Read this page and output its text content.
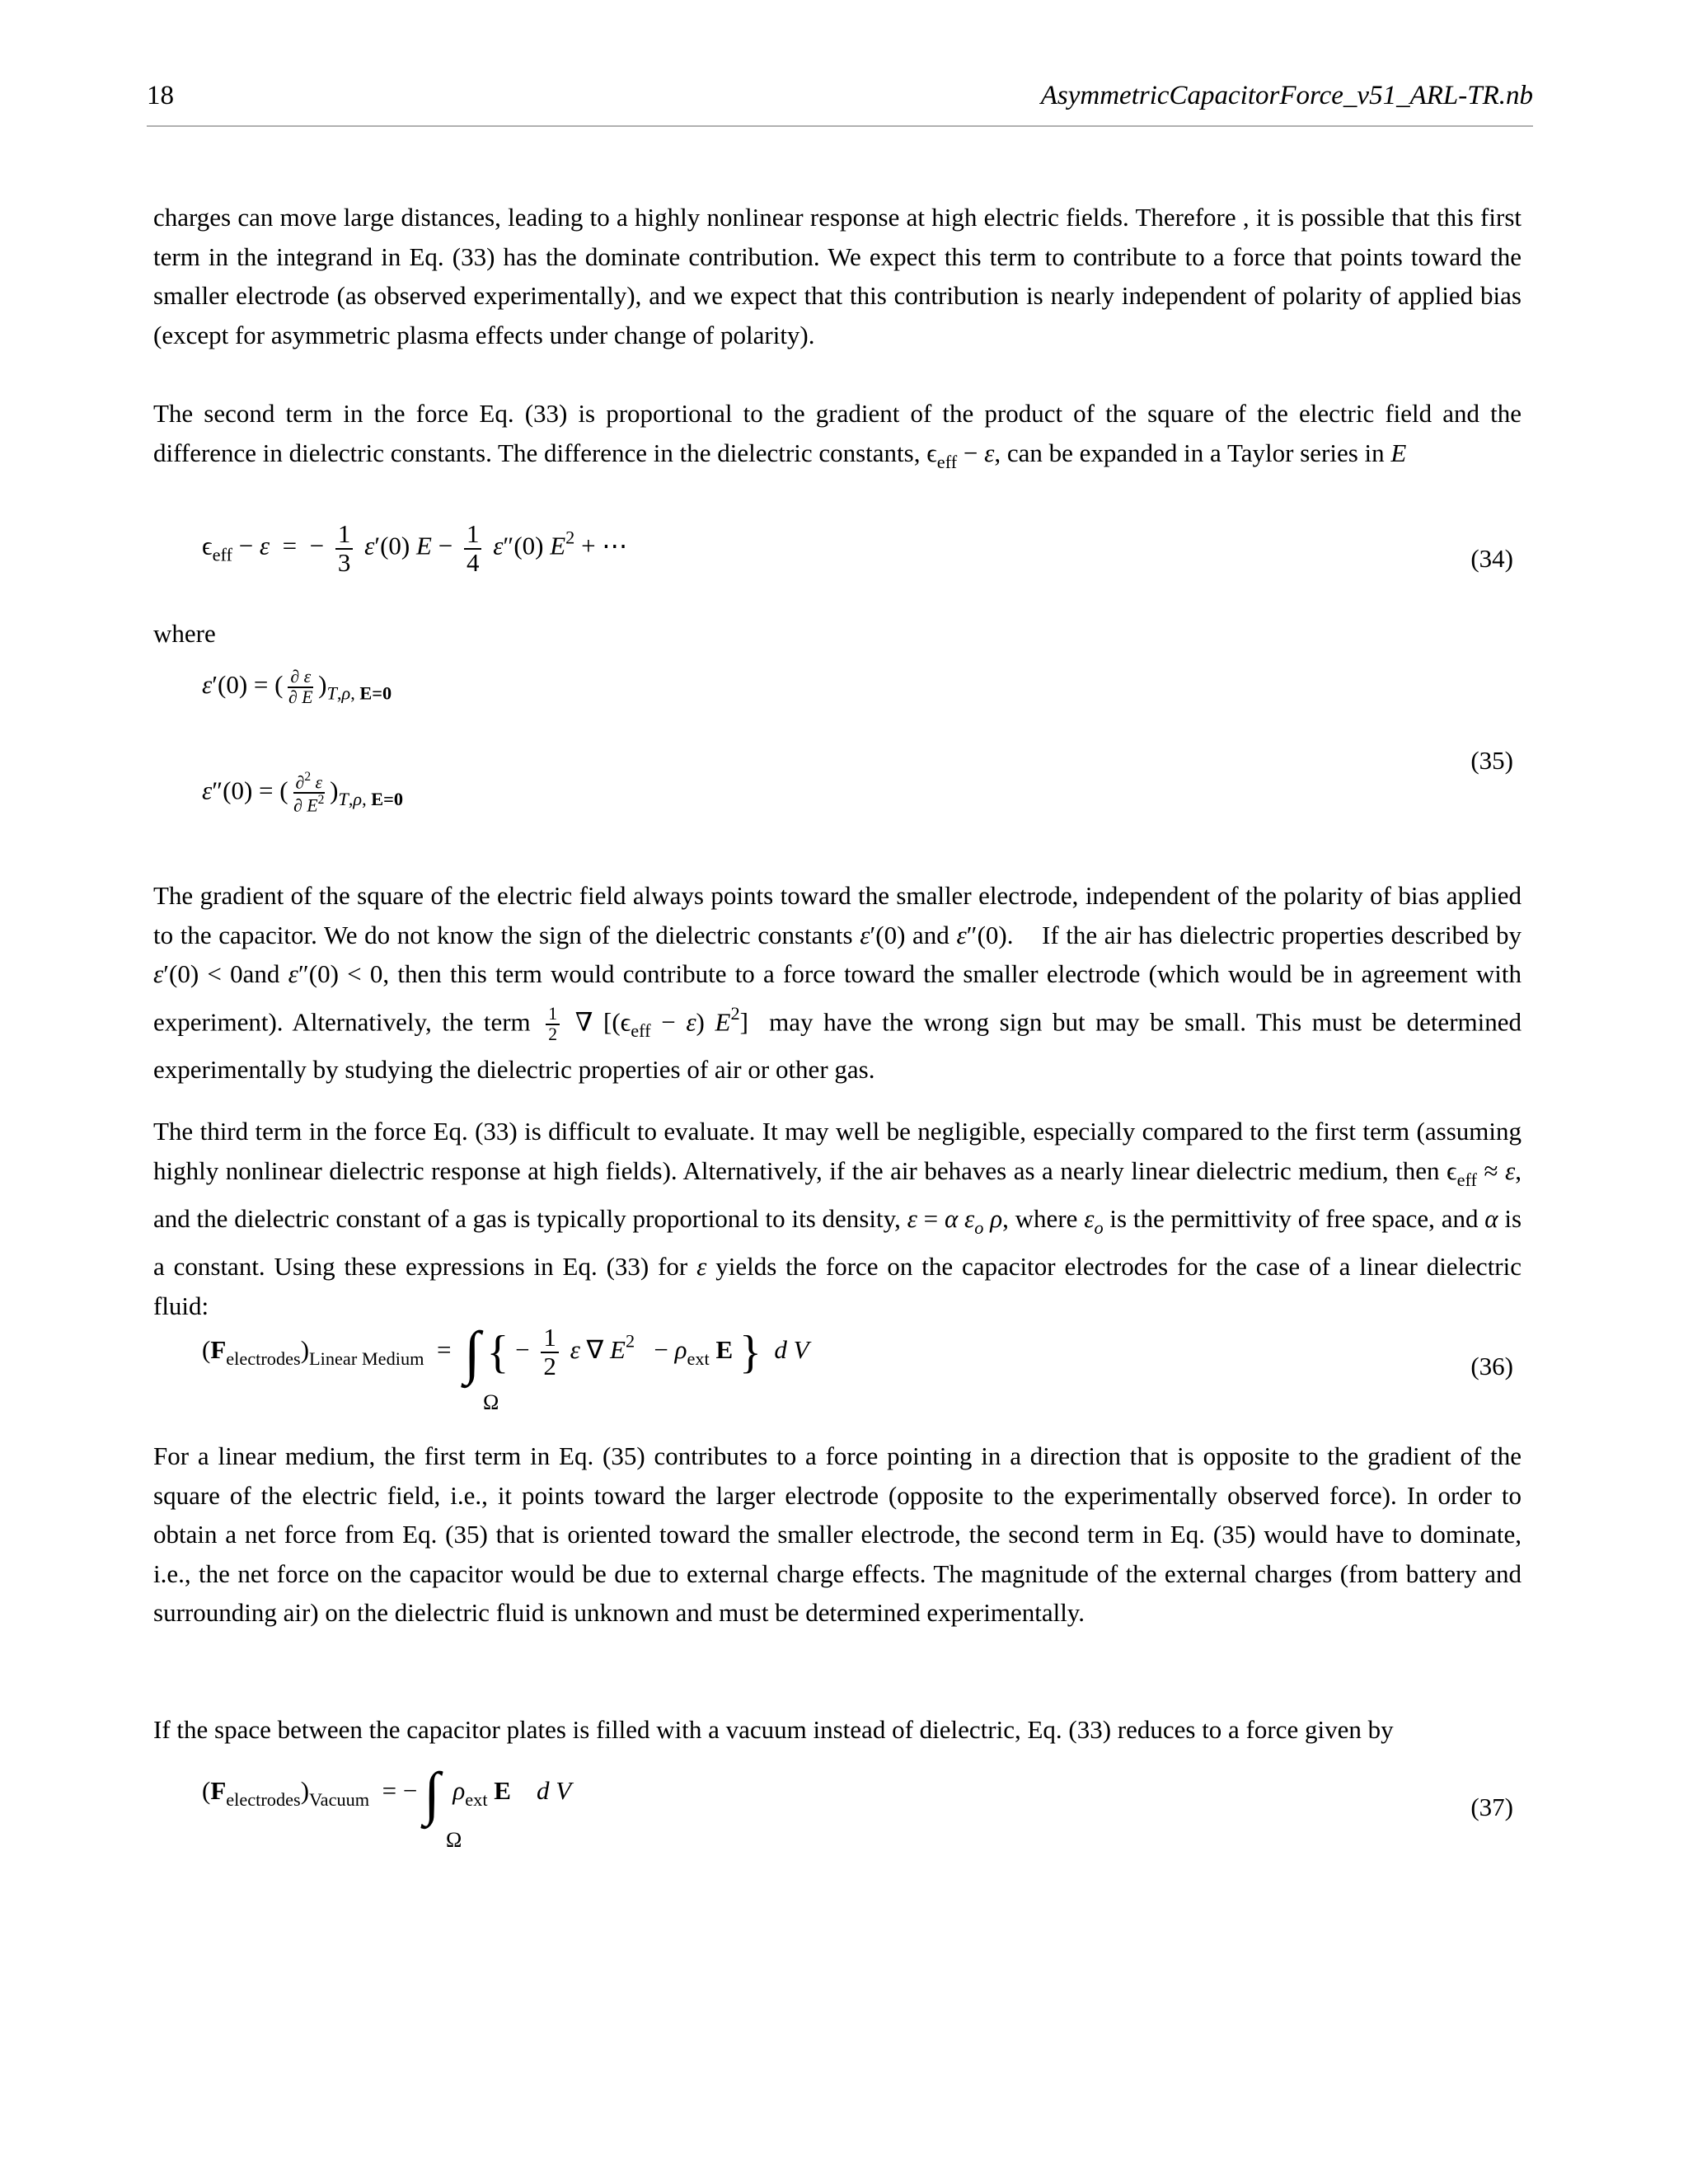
18	AsymmetricCapacitorForce_v51_ARL-TR.nb

charges can move large distances, leading to a highly nonlinear response at high electric fields. Therefore , it is possible that this first term in the integrand in Eq. (33) has the dominate contribution. We expect this term to contribute to a force that points toward the smaller electrode (as observed experimentally), and we expect that this contribution is nearly independent of polarity of applied bias (except for asymmetric plasma effects under change of polarity).

The second term in the force Eq. (33) is proportional to the gradient of the product of the square of the electric field and the difference in dielectric constants. The difference in the dielectric constants, $\epsilon_{eff} - \varepsilon$, can be expanded in a Taylor series in E

$\epsilon_{eff} - \varepsilon$  =  − $\frac{1}{3} \varepsilon'(0) E - \frac{1}{4} \varepsilon''(0) E^2$ + ⋯	(34)

where

ε′(0) = ( $\frac{\partial \varepsilon}{\partial E} )_{T,\rho, E=0}$
ε″(0) = ( $\frac{\partial^2 \varepsilon}{\partial E^2} )_{T,\rho, E=0}$
(35)

The gradient of the square of the electric field always points toward the smaller electrode, independent of the polarity of bias applied to the capacitor. We do not know the sign of the dielectric constants ε′(0) and ε″(0).    If the air has dielectric properties described by ε′(0) < 0and ε″(0) < 0, then this term would contribute to a force toward the smaller electrode (which would be in agreement with experiment). Alternatively, the term $\frac{1}{2}$ ∇ [$(\epsilon_{eff} - \varepsilon)$ $E^2$]  may have the wrong sign but may be small. This must be determined experimentally by studying the dielectric properties of air or other gas.

The third term in the force Eq. (33) is difficult to evaluate. It may well be negligible, especially compared to the first term (assuming highly nonlinear dielectric response at high fields). Alternatively, if the air behaves as a nearly linear dielectric medium, then $\epsilon_{eff} \approx \varepsilon$, and the dielectric constant of a gas is typically proportional to its density, ε = α $\varepsilon_o$ ρ, where $\varepsilon_o$ is the permittivity of free space, and α is a constant. Using these expressions in Eq. (33) for ε yields the force on the capacitor electrodes for the case of a linear dielectric fluid:

$(F_{electrodes})_{Linear Medium}$  =  ∫ { − $\frac{1}{2}$ ε ∇ $E^2 - \rho_{ext}$ E } d V
Ω
(36)

For a linear medium, the first term in Eq. (35) contributes to a force pointing in a direction that is opposite to the gradient of the square of the electric field, i.e., it points toward the larger electrode (opposite to the experimentally observed force). In order to obtain a net force from Eq. (35) that is oriented toward the smaller electrode, the second term in Eq. (35) would have to dominate, i.e., the net force on the capacitor would be due to external charge effects. The magnitude of the external charges (from battery and surrounding air) on the dielectric fluid is unknown and must be determined experimentally.

If the space between the capacitor plates is filled with a vacuum instead of dielectric, Eq. (33) reduces to a force given by

$(F_{electrodes})_{Vacuum}$  = − ∫ $\rho_{ext}$ E d V
Ω
(37)
